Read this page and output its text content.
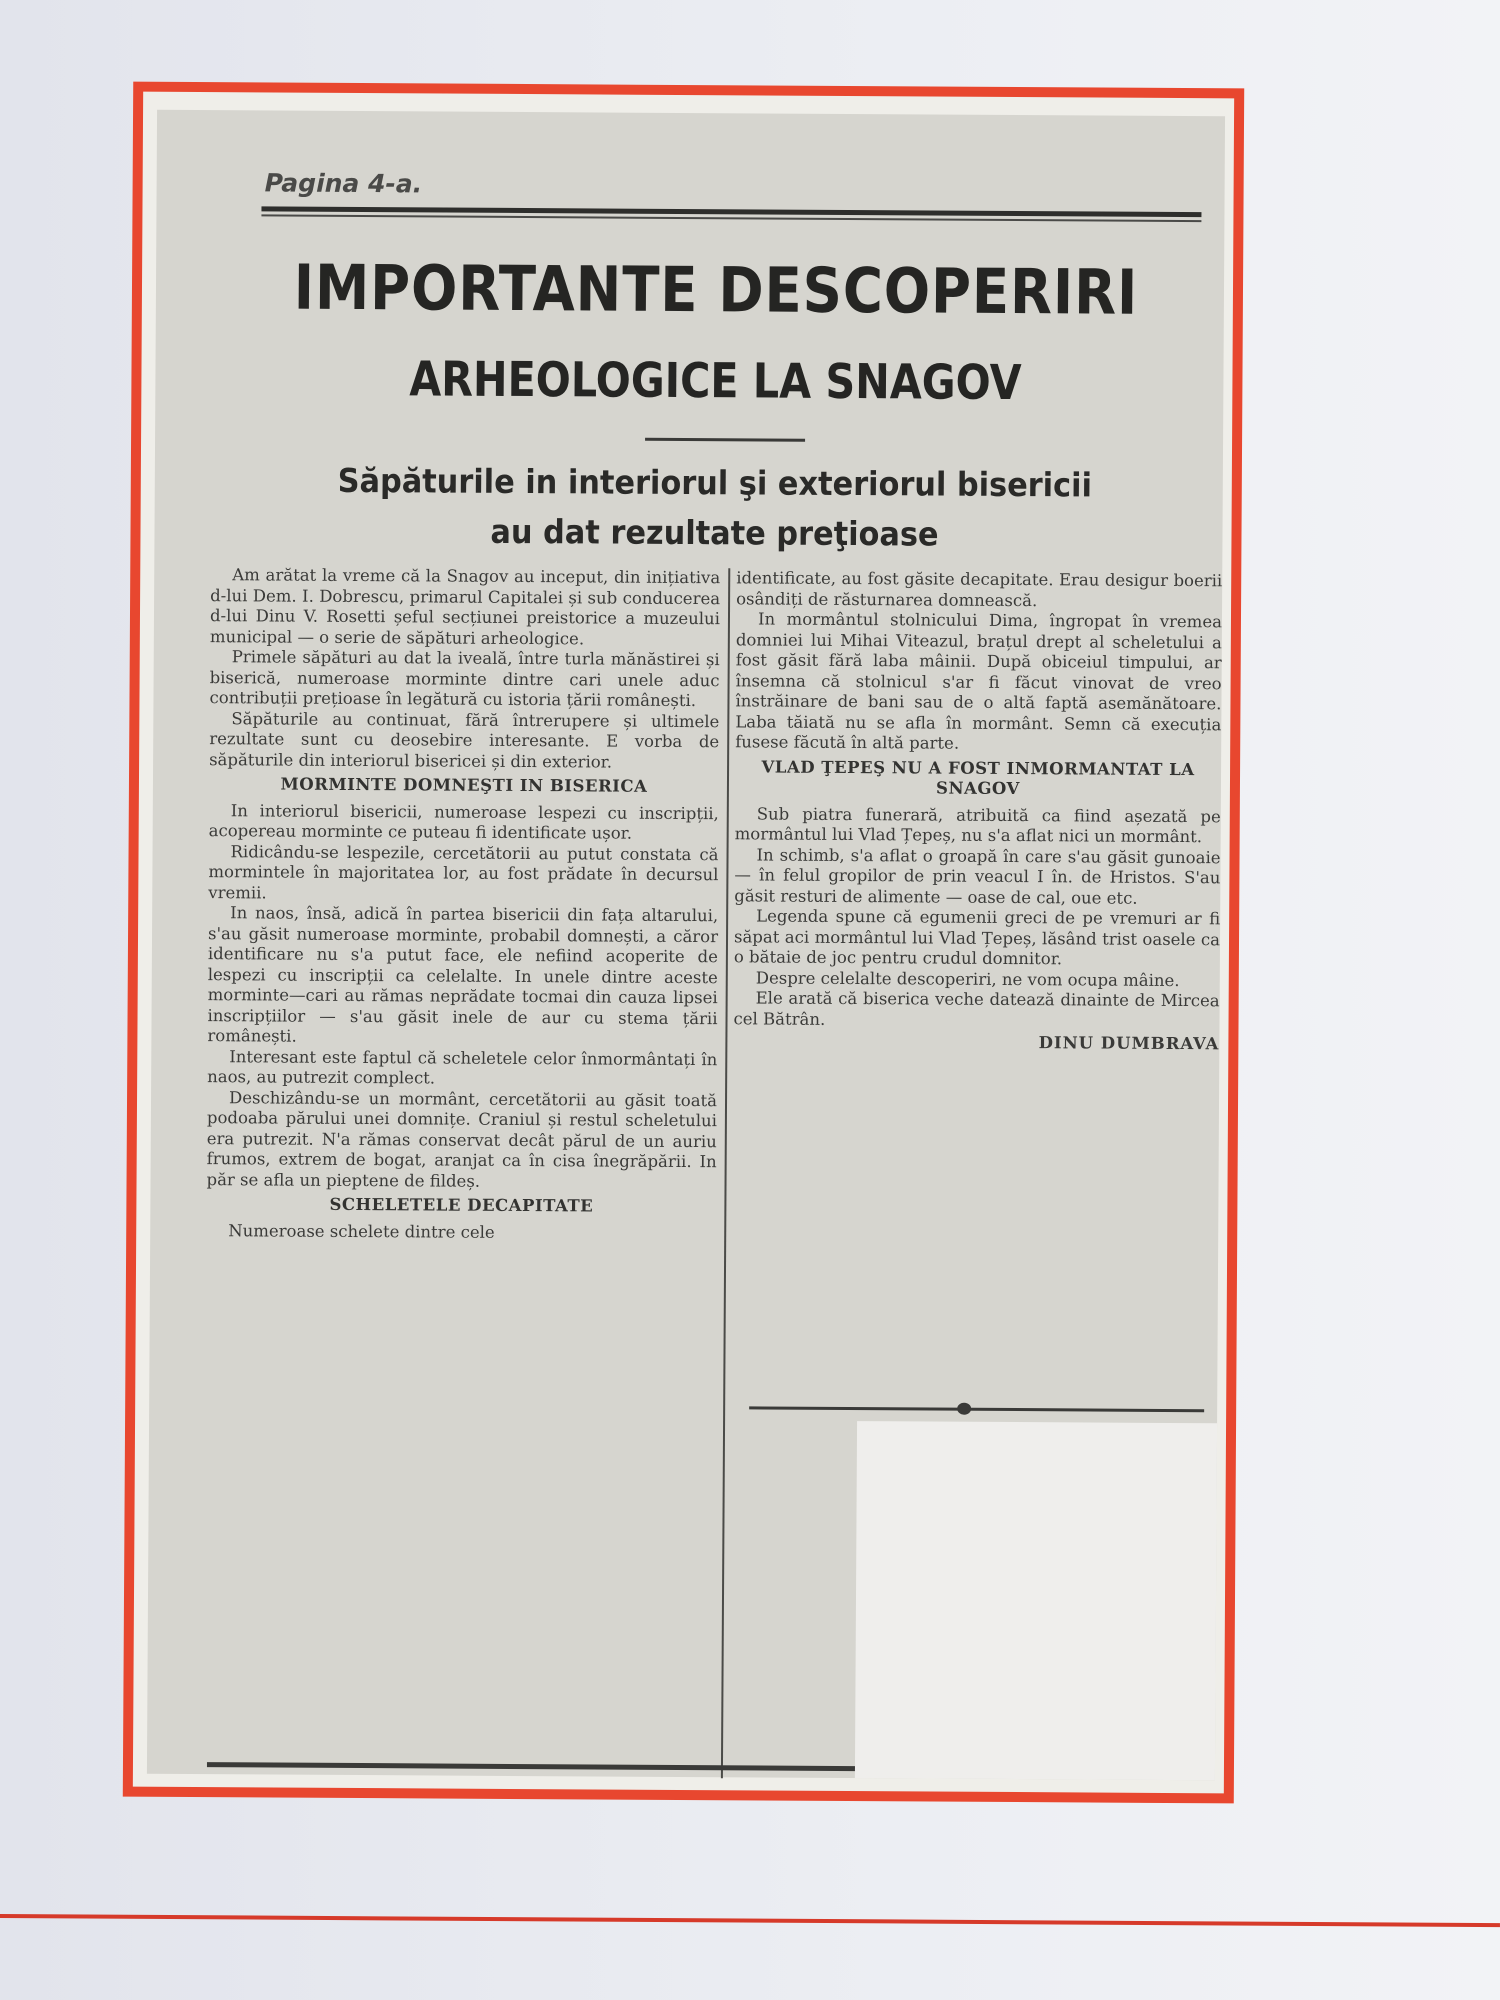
Pagina 4-a.
IMPORTANTE DESCOPERIRI
ARHEOLOGICE LA SNAGOV
Săpăturile in interiorul şi exteriorul bisericii
au dat rezultate preţioase

Am arătat la vreme că la Snagov au inceput, din inițiativa d-lui Dem. I. Dobrescu, primarul Capitalei și sub conducerea d-lui Dinu V. Rosetti șeful secțiunei preistorice a muzeului municipal — o serie de săpături arheologice.

Primele săpături au dat la iveală, între turla mănăstirei și biserică, numeroase morminte dintre cari unele aduc contribuții prețioase în legătură cu istoria țării românești.

Săpăturile au continuat, fără întrerupere și ultimele rezultate sunt cu deosebire interesante. E vorba de săpăturile din interiorul bisericei și din exterior.

MORMINTE DOMNEŞTI IN BISERICA

In interiorul bisericii, numeroase lespezi cu inscripții, acopereau morminte ce puteau fi identificate ușor.

Ridicându-se lespezile, cercetătorii au putut constata că mormintele în majoritatea lor, au fost prădate în decursul vremii.

In naos, însă, adică în partea bisericii din fața altarului, s'au găsit numeroase morminte, probabil domnești, a căror identificare nu s'a putut face, ele nefiind acoperite de lespezi cu inscripții ca celelalte. In unele dintre aceste morminte—cari au rămas neprădate tocmai din cauza lipsei inscripțiilor — s'au găsit inele de aur cu stema țării românești.

Interesant este faptul că scheletele celor înmormântați în naos, au putrezit complect.

Deschizându-se un mormânt, cercetătorii au găsit toată podoaba părului unei domnițe. Craniul și restul scheletului era putrezit. N'a rămas conservat decât părul de un auriu frumos, extrem de bogat, aranjat ca în cisa înegrăpării. In păr se afla un pieptene de fildeș.

SCHELETELE DECAPITATE

Numeroase schelete dintre cele

identificate, au fost găsite decapitate. Erau desigur boerii osândiți de răsturnarea domnească.

In mormântul stolnicului Dima, îngropat în vremea domniei lui Mihai Viteazul, brațul drept al scheletului a fost găsit fără laba mâinii. După obiceiul timpului, ar însemna că stolnicul s'ar fi făcut vinovat de vreo înstrăinare de bani sau de o altă faptă asemănătoare. Laba tăiată nu se afla în mormânt. Semn că execuția fusese făcută în altă parte.

VLAD ŢEPEŞ NU A FOST INMORMANTAT LA SNAGOV

Sub piatra funerară, atribuită ca fiind așezată pe mormântul lui Vlad Țepeș, nu s'a aflat nici un mormânt.

In schimb, s'a aflat o groapă în care s'au găsit gunoaie — în felul gropilor de prin veacul I în. de Hristos. S'au găsit resturi de alimente — oase de cal, oue etc.

Legenda spune că egumenii greci de pe vremuri ar fi săpat aci mormântul lui Vlad Țepeș, lăsând trist oasele ca o bătaie de joc pentru crudul domnitor.

Despre celelalte descoperiri, ne vom ocupa mâine.

Ele arată că biserica veche datează dinainte de Mircea cel Bătrân.

DINU DUMBRAVA
